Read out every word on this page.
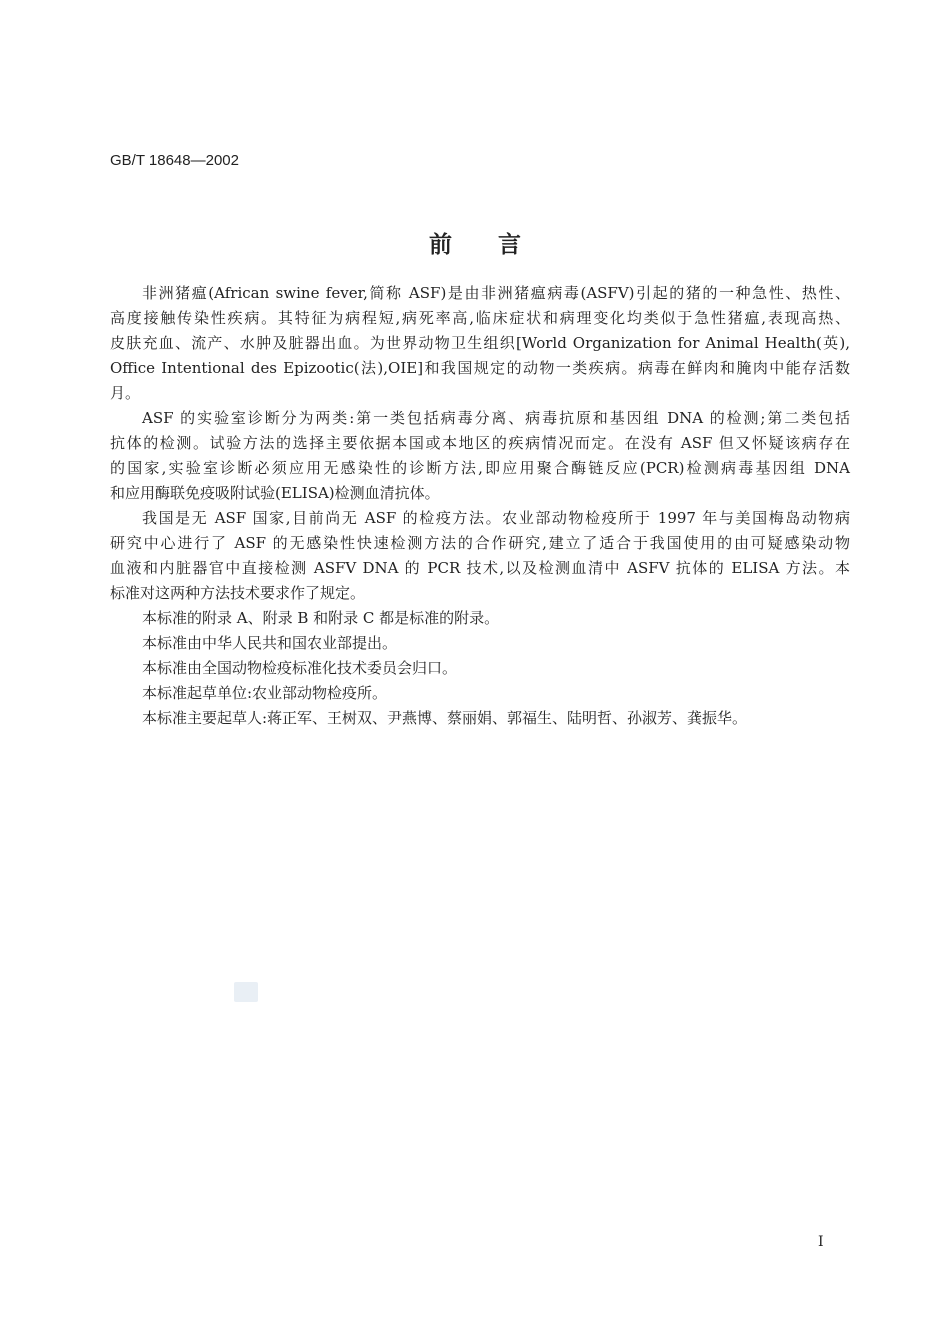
GB/T 18648—2002
前言
非洲猪瘟(African swine fever,简称 ASF)是由非洲猪瘟病毒(ASFV)引起的猪的一种急性、热性、
高度接触传染性疾病。其特征为病程短,病死率高,临床症状和病理变化均类似于急性猪瘟,表现高热、
皮肤充血、流产、水肿及脏器出血。为世界动物卫生组织[World Organization for Animal Health(英),
Office Intentional des Epizootic(法),OIE]和我国规定的动物一类疾病。病毒在鲜肉和腌肉中能存活数
月。
ASF 的实验室诊断分为两类:第一类包括病毒分离、病毒抗原和基因组 DNA 的检测;第二类包括
抗体的检测。试验方法的选择主要依据本国或本地区的疾病情况而定。在没有 ASF 但又怀疑该病存在
的国家,实验室诊断必须应用无感染性的诊断方法,即应用聚合酶链反应(PCR)检测病毒基因组 DNA
和应用酶联免疫吸附试验(ELISA)检测血清抗体。
我国是无 ASF 国家,目前尚无 ASF 的检疫方法。农业部动物检疫所于 1997 年与美国梅岛动物病
研究中心进行了 ASF 的无感染性快速检测方法的合作研究,建立了适合于我国使用的由可疑感染动物
血液和内脏器官中直接检测 ASFV DNA 的 PCR 技术,以及检测血清中 ASFV 抗体的 ELISA 方法。本
标准对这两种方法技术要求作了规定。
本标准的附录 A、附录 B 和附录 C 都是标准的附录。
本标准由中华人民共和国农业部提出。
本标准由全国动物检疫标准化技术委员会归口。
本标准起草单位:农业部动物检疫所。
本标准主要起草人:蒋正军、王树双、尹燕博、蔡丽娟、郭福生、陆明哲、孙淑芳、龚振华。
I
